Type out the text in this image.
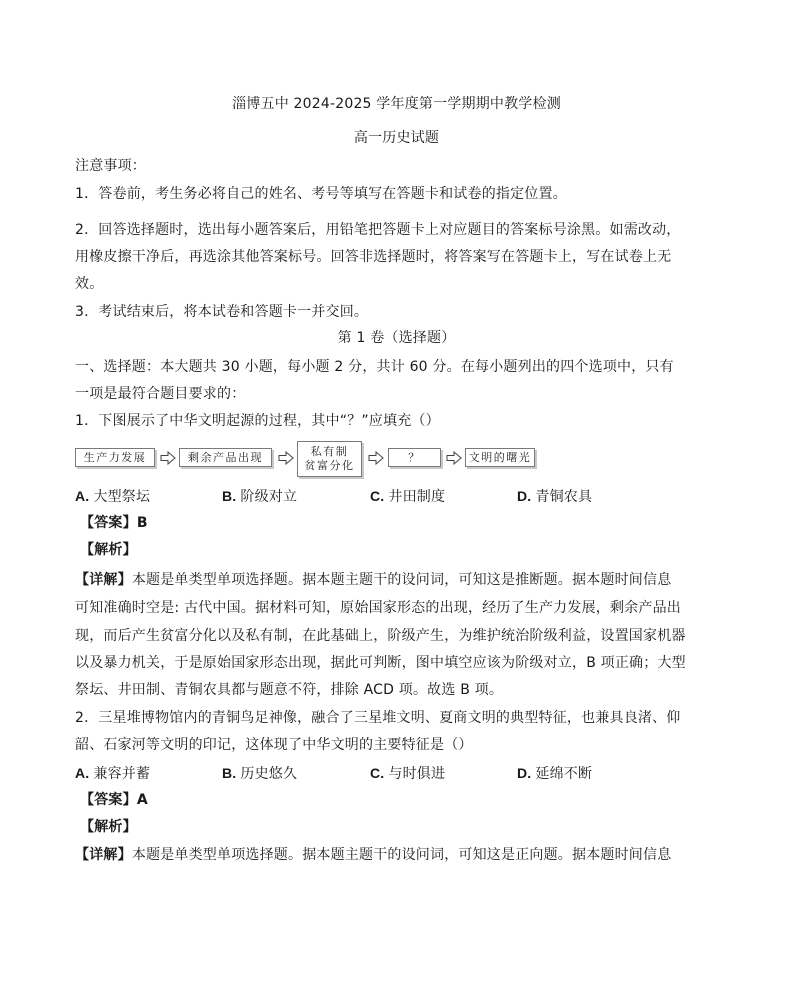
淄博五中 2024-2025 学年度第一学期期中教学检测
高一历史试题
注意事项：
1．答卷前，考生务必将自己的姓名、考号等填写在答题卡和试卷的指定位置。
2．回答选择题时，选出每小题答案后，用铅笔把答题卡上对应题目的答案标号涂黑。如需改动，
用橡皮擦干净后，再选涂其他答案标号。回答非选择题时，将答案写在答题卡上，写在试卷上无
效。
3．考试结束后，将本试卷和答题卡一并交回。
第 1 卷（选择题）
一、选择题：本大题共 30 小题，每小题 2 分，共计 60 分。在每小题列出的四个选项中，只有
一项是最符合题目要求的：
1．下图展示了中华文明起源的过程，其中“？”应填充（）
生产力发展	剩余产品出现	私有制
贫富分化
？	文明的曙光
A. 大型祭坛	B. 阶级对立	C. 井田制度	D. 青铜农具
【答案】B
【解析】
【详解】本题是单类型单项选择题。据本题主题干的设问词，可知这是推断题。据本题时间信息
可知准确时空是: 古代中国。据材料可知，原始国家形态的出现，经历了生产力发展，剩余产品出
现，而后产生贫富分化以及私有制，在此基础上，阶级产生，为维护统治阶级利益，设置国家机器
以及暴力机关，于是原始国家形态出现，据此可判断，图中填空应该为阶级对立，B 项正确；大型
祭坛、井田制、青铜农具都与题意不符，排除 ACD 项。故选 B 项。
2．三星堆博物馆内的青铜鸟足神像，融合了三星堆文明、夏商文明的典型特征，也兼具良渚、仰
韶、石家河等文明的印记，这体现了中华文明的主要特征是（）
A. 兼容并蓄	B. 历史悠久	C. 与时俱进	D. 延绵不断
【答案】A
【解析】
【详解】本题是单类型单项选择题。据本题主题干的设问词，可知这是正向题。据本题时间信息
